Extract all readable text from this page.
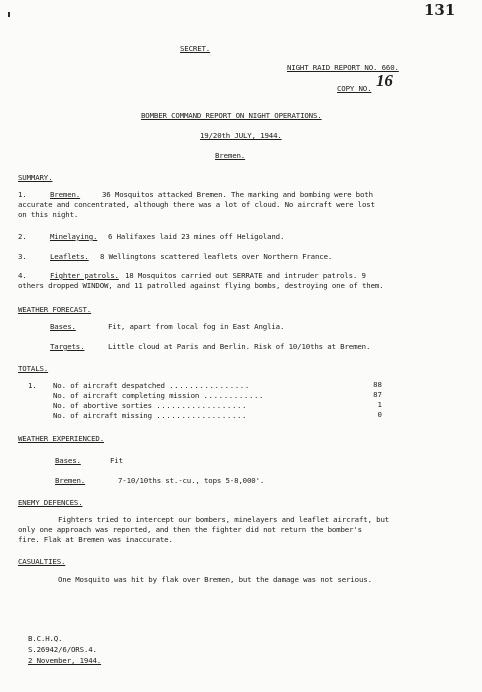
131
SECRET.
NIGHT RAID REPORT NO. 660.
COPY NO. 16
BOMBER COMMAND REPORT ON NIGHT OPERATIONS.
19/20th JULY, 1944.
Bremen.
SUMMARY.
1.	Bremen.	36 Mosquitos attacked Bremen. The marking and bombing were both
accurate and concentrated, although there was a lot of cloud. No aircraft were lost
on this night.
2.	Minelaying. 6 Halifaxes laid 23 mines off Heligoland.
3.	Leaflets. 8 Wellingtons scattered leaflets over Northern France.
4.	Fighter patrols. 18 Mosquitos carried out SERRATE and intruder patrols. 9
others dropped WINDOW, and 11 patrolled against flying bombs, destroying one of them.
WEATHER FORECAST.
Bases.	Fit, apart from local fog in East Anglia.
Targets.	Little cloud at Paris and Berlin. Risk of 10/10ths at Bremen.
TOTALS.
1. No. of aircraft despatched ................	88
No. of aircraft completing mission ............	87
No. of abortive sorties ..................	1
No. of aircraft missing ..................	0
WEATHER EXPERIENCED.
Bases.	Fit
Bremen.	7-10/10ths st.-cu., tops 5-8,000'.
ENEMY DEFENCES.
Fighters tried to intercept our bombers, minelayers and leaflet aircraft, but
only one approach was reported, and then the fighter did not return the bomber's
fire. Flak at Bremen was inaccurate.
CASUALTIES.
One Mosquito was hit by flak over Bremen, but the damage was not serious.
B.C.H.Q.
S.26942/6/ORS.4.
2 November, 1944.
